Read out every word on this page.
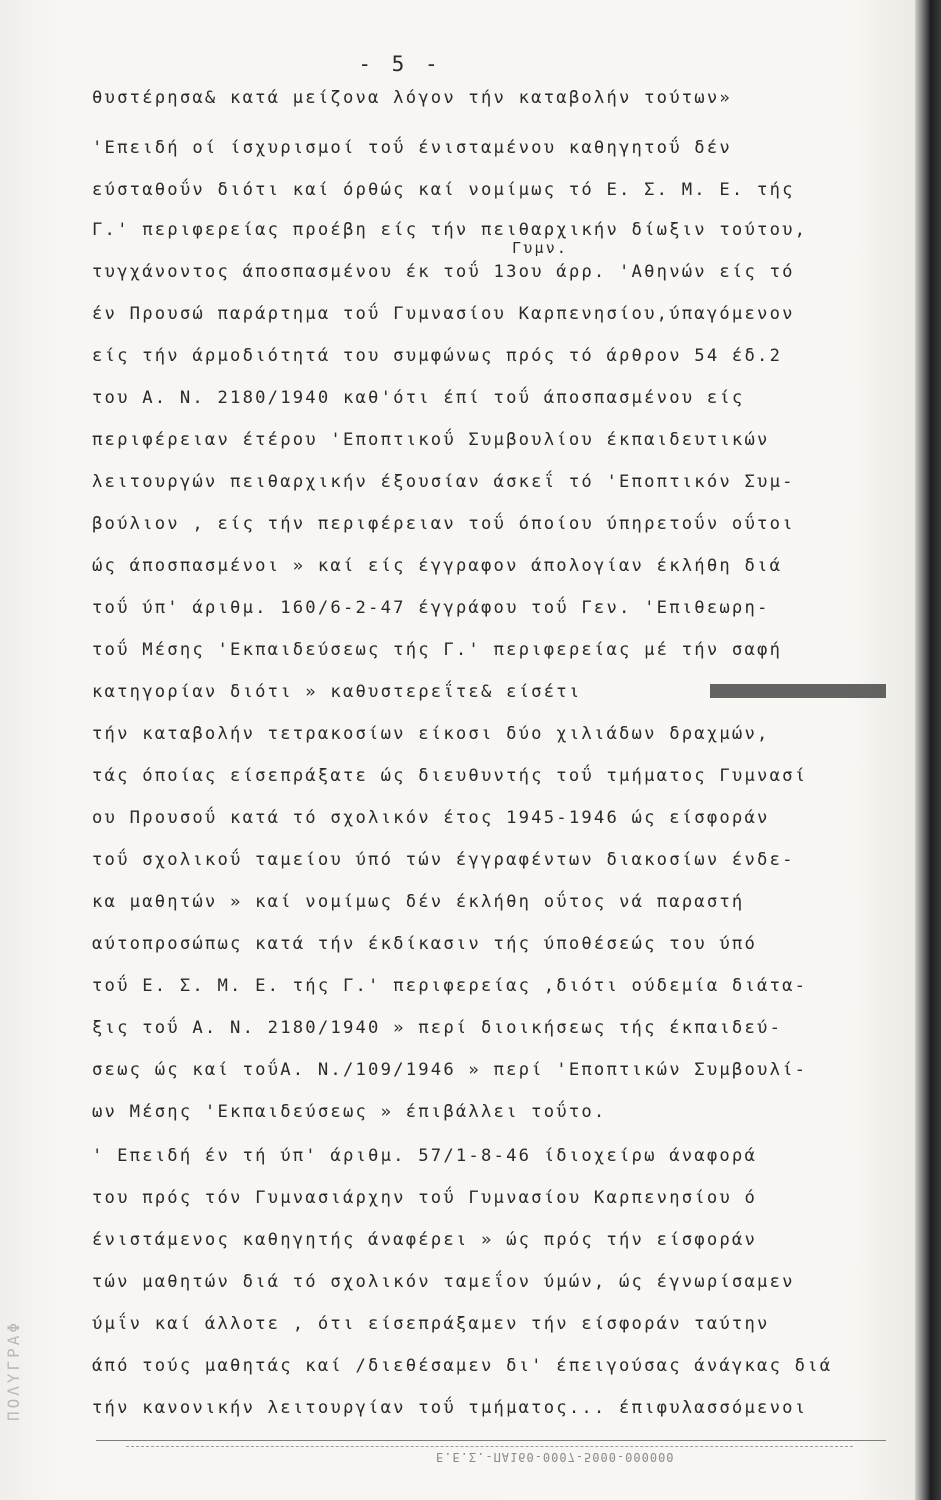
ΠΟΛΥΓΡΑΦ
- 5 -
θυστέρησα& κατά μείζονα λόγον τήν καταβολήν τούτων»
'Επειδή οί ίσχυρισμοί τοΰ ένισταμένου καθηγητοΰ δέν
εύσταθοΰν διότι καί όρθώς καί νομίμως τό Ε. Σ. Μ. Ε. τής
Γ.' περιφερείας προέβη είς τήν πειθαρχικήν δίωξιν τούτου,
Γυμν.
τυγχάνοντος άποσπασμένου έκ τοΰ 13ου άρρ. 'Αθηνών είς τό
έν Προυσώ παράρτημα τοΰ Γυμνασίου Καρπενησίου,ύπαγόμενον
είς τήν άρμοδιότητά του συμφώνως πρός τό άρθρον 54 έδ.2
του Α. Ν. 2180/1940 καθ'ότι έπί τοΰ άποσπασμένου είς
περιφέρειαν έτέρου 'Εποπτικοΰ Συμβουλίου έκπαιδευτικών
λειτουργών πειθαρχικήν έξουσίαν άσκεΐ τό 'Εποπτικόν Συμ-
βούλιον , είς τήν περιφέρειαν τοΰ όποίου ύπηρετοΰν οΰτοι
ώς άποσπασμένοι » καί είς έγγραφον άπολογίαν έκλήθη διά
τοΰ ύπ' άριθμ. 160/6-2-47 έγγράφου τοΰ Γεν. 'Επιθεωρη-
τοΰ Μέσης 'Εκπαιδεύσεως τής Γ.' περιφερείας μέ τήν σαφή
κατηγορίαν διότι » καθυστερεΐτε& είσέτι
τήν καταβολήν τετρακοσίων είκοσι δύο χιλιάδων δραχμών,
τάς όποίας είσεπράξατε ώς διευθυντής τοΰ τμήματος Γυμνασί
ου Προυσοΰ κατά τό σχολικόν έτος 1945-1946 ώς είσφοράν
τοΰ σχολικοΰ ταμείου ύπό τών έγγραφέντων διακοσίων ένδε-
κα μαθητών » καί νομίμως δέν έκλήθη οΰτος νά παραστή
αύτοπροσώπως κατά τήν έκδίκασιν τής ύποθέσεώς του ύπό
τοΰ Ε. Σ. Μ. Ε. τής Γ.' περιφερείας ,διότι ούδεμία διάτα-
ξις τοΰ Α. Ν. 2180/1940 » περί διοικήσεως τής έκπαιδεύ-
σεως ώς καί τοΰΑ. Ν./109/1946 » περί 'Εποπτικών Συμβουλί-
ων Μέσης 'Εκπαιδεύσεως » έπιβάλλει τοΰτο.
' Επειδή έν τή ύπ' άριθμ. 57/1-8-46 ίδιοχείρω άναφορά
του πρός τόν Γυμνασιάρχην τοΰ Γυμνασίου Καρπενησίου ό
ένιστάμενος καθηγητής άναφέρει » ώς πρός τήν είσφοράν
τών μαθητών διά τό σχολικόν ταμεΐον ύμών, ώς έγνωρίσαμεν
ύμΐν καί άλλοτε , ότι είσεπράξαμεν τήν είσφοράν ταύτην
άπό τούς μαθητάς καί /διεθέσαμεν δι' έπειγούσας άνάγκας διά
τήν κανονικήν λειτουργίαν τοΰ τμήματος... έπιφυλασσόμενοι
Ε.Ε.Σ.-ΠΑ160-0007-5000-000000
